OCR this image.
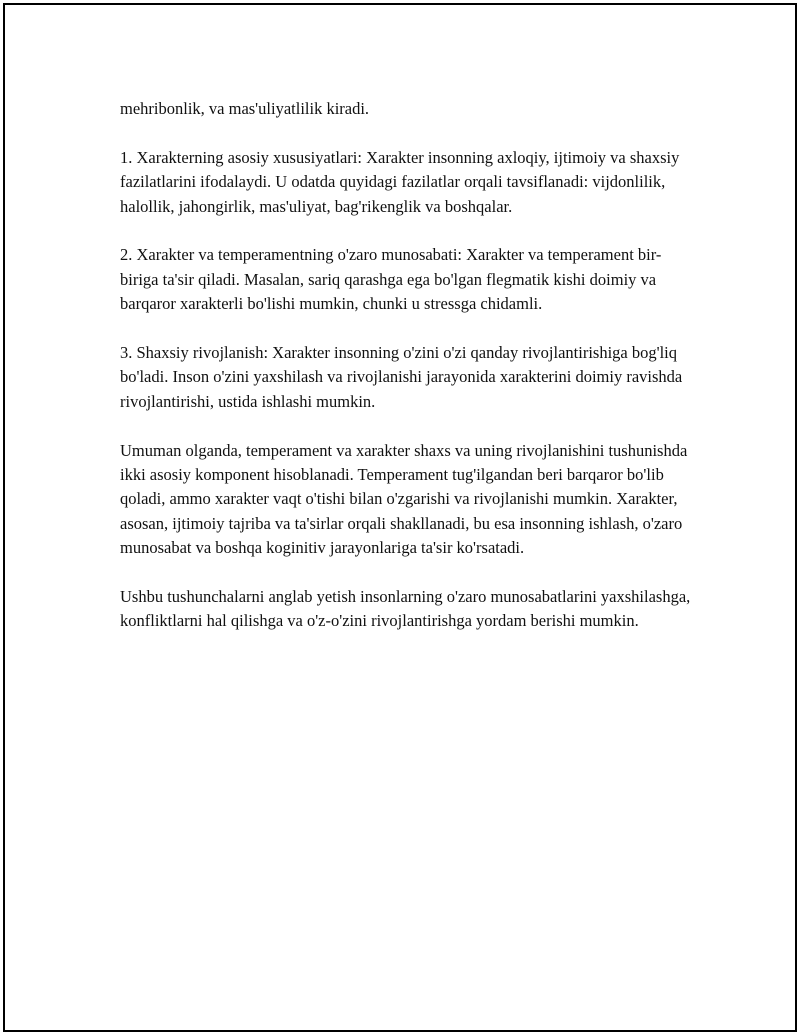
mehribonlik, va mas'uliyatlilik kiradi.

1. Xarakterning asosiy xususiyatlari: Xarakter insonning axloqiy, ijtimoiy va shaxsiy fazilatlarini ifodalaydi. U odatda quyidagi fazilatlar orqali tavsiflanadi: vijdonlilik, halollik, jahongirlik, mas'uliyat, bag'rikenglik va boshqalar.

2. Xarakter va temperamentning o'zaro munosabati: Xarakter va temperament bir-biriga ta'sir qiladi. Masalan, sariq qarashga ega bo'lgan flegmatik kishi doimiy va barqaror xarakterli bo'lishi mumkin, chunki u stressga chidamli.

3. Shaxsiy rivojlanish: Xarakter insonning o'zini o'zi qanday rivojlantirishiga bog'liq bo'ladi. Inson o'zini yaxshilash va rivojlanishi jarayonida xarakterini doimiy ravishda rivojlantirishi, ustida ishlashi mumkin.

Umuman olganda, temperament va xarakter shaxs va uning rivojlanishini tushunishda ikki asosiy komponent hisoblanadi. Temperament tug'ilgandan beri barqaror bo'lib qoladi, ammo xarakter vaqt o'tishi bilan o'zgarishi va rivojlanishi mumkin. Xarakter, asosan, ijtimoiy tajriba va ta'sirlar orqali shakllanadi, bu esa insonning ishlash, o'zaro munosabat va boshqa koginitiv jarayonlariga ta'sir ko'rsatadi.

Ushbu tushunchalarni anglab yetish insonlarning o'zaro munosabatlarini yaxshilashga, konfliktlarni hal qilishga va o'z-o'zini rivojlantirishga yordam berishi mumkin.
